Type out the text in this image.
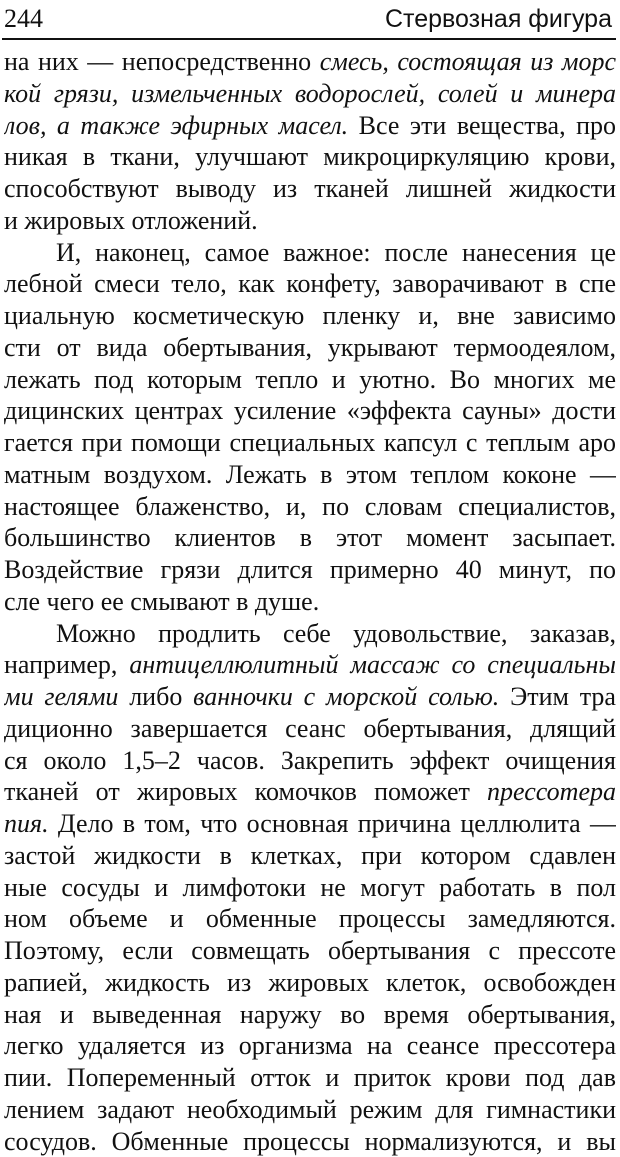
244	Стервозная фигура
на них — непосредственно смесь, состоящая из морс
кой грязи, измельченных водорослей, солей и минера
лов, а также эфирных масел. Все эти вещества, про
никая в ткани, улучшают микроциркуляцию крови,
способствуют выводу из тканей лишней жидкости
и жировых отложений.
И, наконец, самое важное: после нанесения це
лебной смеси тело, как конфету, заворачивают в спе
циальную косметическую пленку и, вне зависимо
сти от вида обертывания, укрывают термоодеялом,
лежать под которым тепло и уютно. Во многих ме
дицинских центрах усиление «эффекта сауны» дости
гается при помощи специальных капсул с теплым аро
матным воздухом. Лежать в этом теплом коконе —
настоящее блаженство, и, по словам специалистов,
большинство клиентов в этот момент засыпает.
Воздействие грязи длится примерно 40 минут, по
сле чего ее смывают в душе.
Можно продлить себе удовольствие, заказав,
например, антицеллюлитный массаж со специальны
ми гелями либо ванночки с морской солью. Этим тра
диционно завершается сеанс обертывания, длящий
ся около 1,5–2 часов. Закрепить эффект очищения
тканей от жировых комочков поможет прессотера
пия. Дело в том, что основная причина целлюлита —
застой жидкости в клетках, при котором сдавлен
ные сосуды и лимфотоки не могут работать в пол
ном объеме и обменные процессы замедляются.
Поэтому, если совмещать обертывания с прессоте
рапией, жидкость из жировых клеток, освобожден
ная и выведенная наружу во время обертывания,
легко удаляется из организма на сеансе прессотера
пии. Попеременный отток и приток крови под дав
лением задают необходимый режим для гимнастики
сосудов. Обменные процессы нормализуются, и вы
